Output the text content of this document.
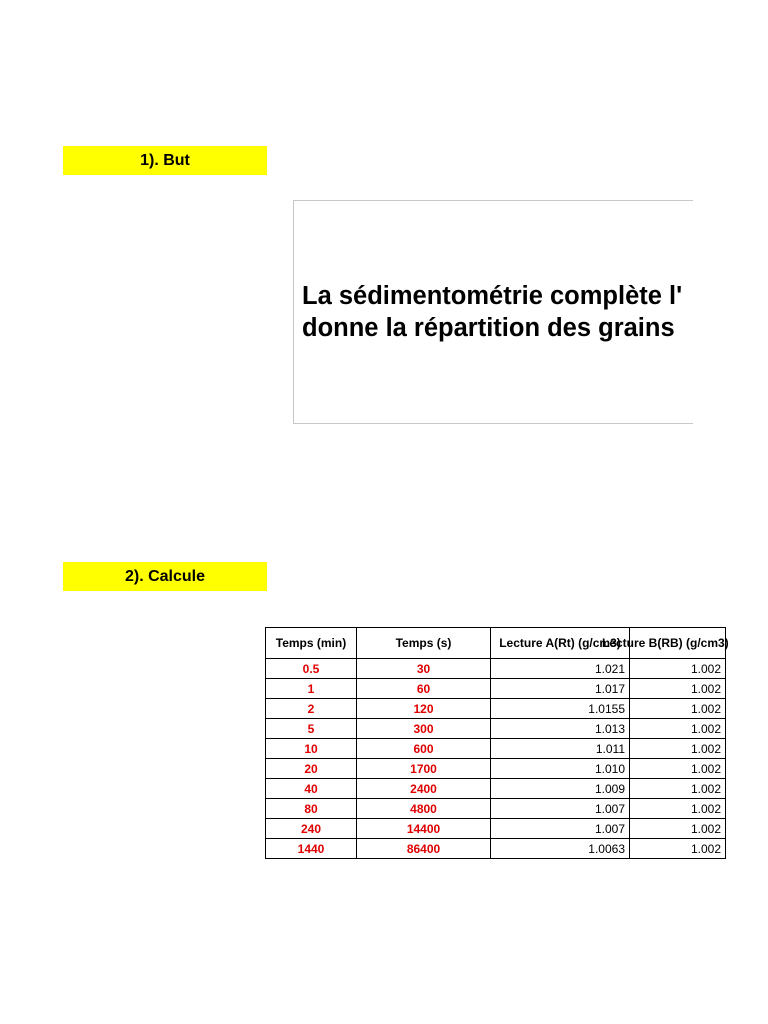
1). But
La sédimentométrie complète l'
donne la répartition des grains
2). Calcule
Temps (min)	Temps (s)	Lecture A(Rt) (g/cm3)	Lecture B(RB) (g/cm3)
0.5	30	1.021	1.002
1	60	1.017	1.002
2	120	1.0155	1.002
5	300	1.013	1.002
10	600	1.011	1.002
20	1700	1.010	1.002
40	2400	1.009	1.002
80	4800	1.007	1.002
240	14400	1.007	1.002
1440	86400	1.0063	1.002
